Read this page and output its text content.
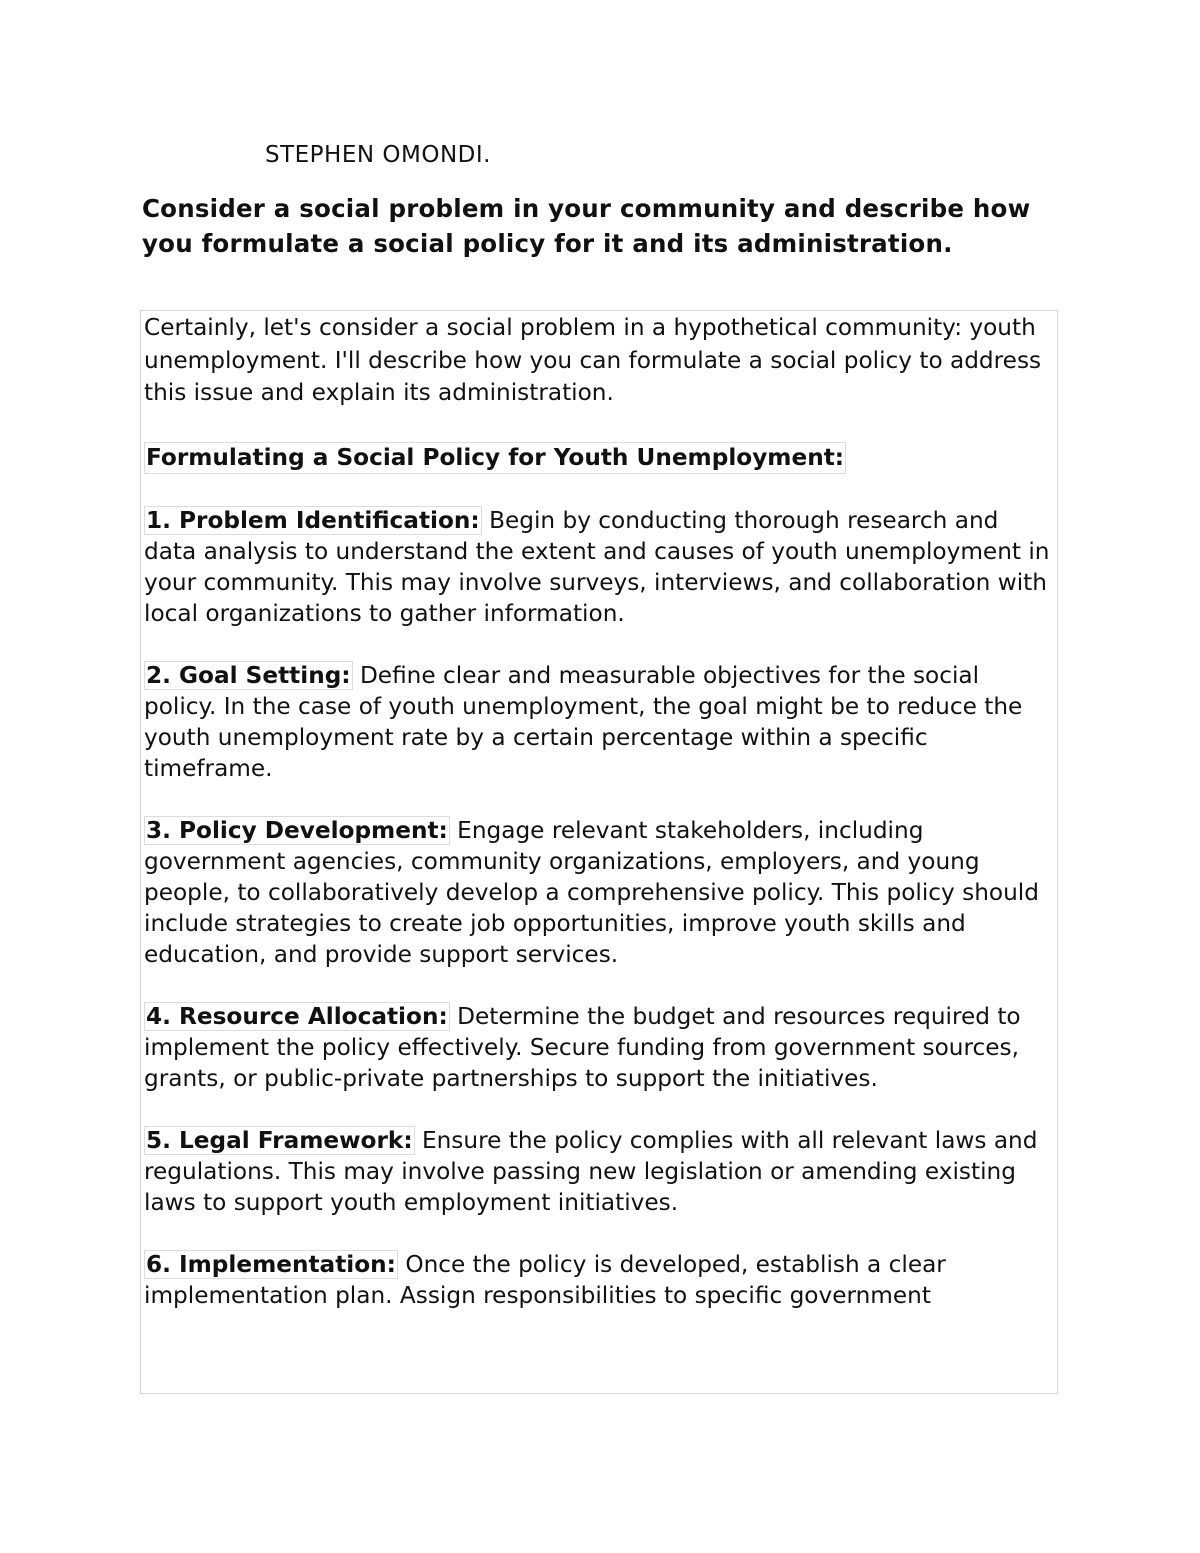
STEPHEN OMONDI.

Consider a social problem in your community and describe how you formulate a social policy for it and its administration.

Certainly, let's consider a social problem in a hypothetical community: youth unemployment. I'll describe how you can formulate a social policy to address this issue and explain its administration.

Formulating a Social Policy for Youth Unemployment:

1. Problem Identification: Begin by conducting thorough research and data analysis to understand the extent and causes of youth unemployment in your community. This may involve surveys, interviews, and collaboration with local organizations to gather information.

2. Goal Setting: Define clear and measurable objectives for the social policy. In the case of youth unemployment, the goal might be to reduce the youth unemployment rate by a certain percentage within a specific timeframe.

3. Policy Development: Engage relevant stakeholders, including government agencies, community organizations, employers, and young people, to collaboratively develop a comprehensive policy. This policy should include strategies to create job opportunities, improve youth skills and education, and provide support services.

4. Resource Allocation: Determine the budget and resources required to implement the policy effectively. Secure funding from government sources, grants, or public-private partnerships to support the initiatives.

5. Legal Framework: Ensure the policy complies with all relevant laws and regulations. This may involve passing new legislation or amending existing laws to support youth employment initiatives.

6. Implementation: Once the policy is developed, establish a clear implementation plan. Assign responsibilities to specific government
